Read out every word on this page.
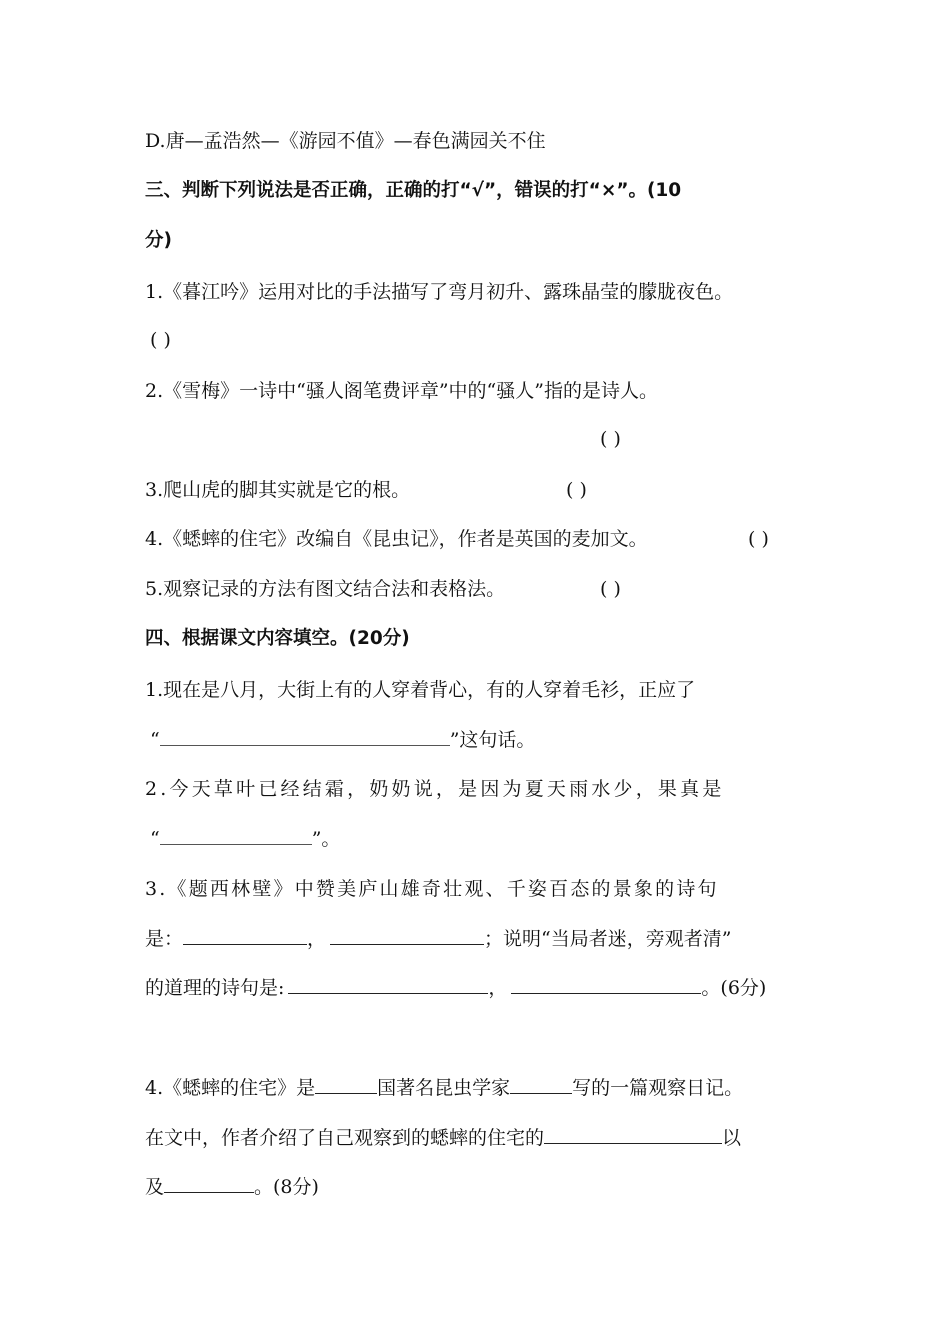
D.唐—孟浩然—《游园不值》—春色满园关不住
三、判断下列说法是否正确，正确的打“√”，错误的打“×”。(10
分)
1.《暮江吟》运用对比的手法描写了弯月初升、露珠晶莹的朦胧夜色。
( )
2.《雪梅》一诗中“骚人阁笔费评章”中的“骚人”指的是诗人。
( )
3.爬山虎的脚其实就是它的根。	( )
4.《蟋蟀的住宅》改编自《昆虫记》，作者是英国的麦加文。	( )
5.观察记录的方法有图文结合法和表格法。	( )
四、根据课文内容填空。(20分)
1.现在是八月，大街上有的人穿着背心，有的人穿着毛衫，正应了
“	”这句话。
2.今天草叶已经结霜，奶奶说，是因为夏天雨水少，果真是
“	”。
3.《题西林壁》中赞美庐山雄奇壮观、千姿百态的景象的诗句
是：	，	；说明“当局者迷，旁观者清”
的道理的诗句是:	，	。(6分)
4.《蟋蟀的住宅》是	国著名昆虫学家	写的一篇观察日记。
在文中，作者介绍了自己观察到的蟋蟀的住宅的	以
及	。(8分)
